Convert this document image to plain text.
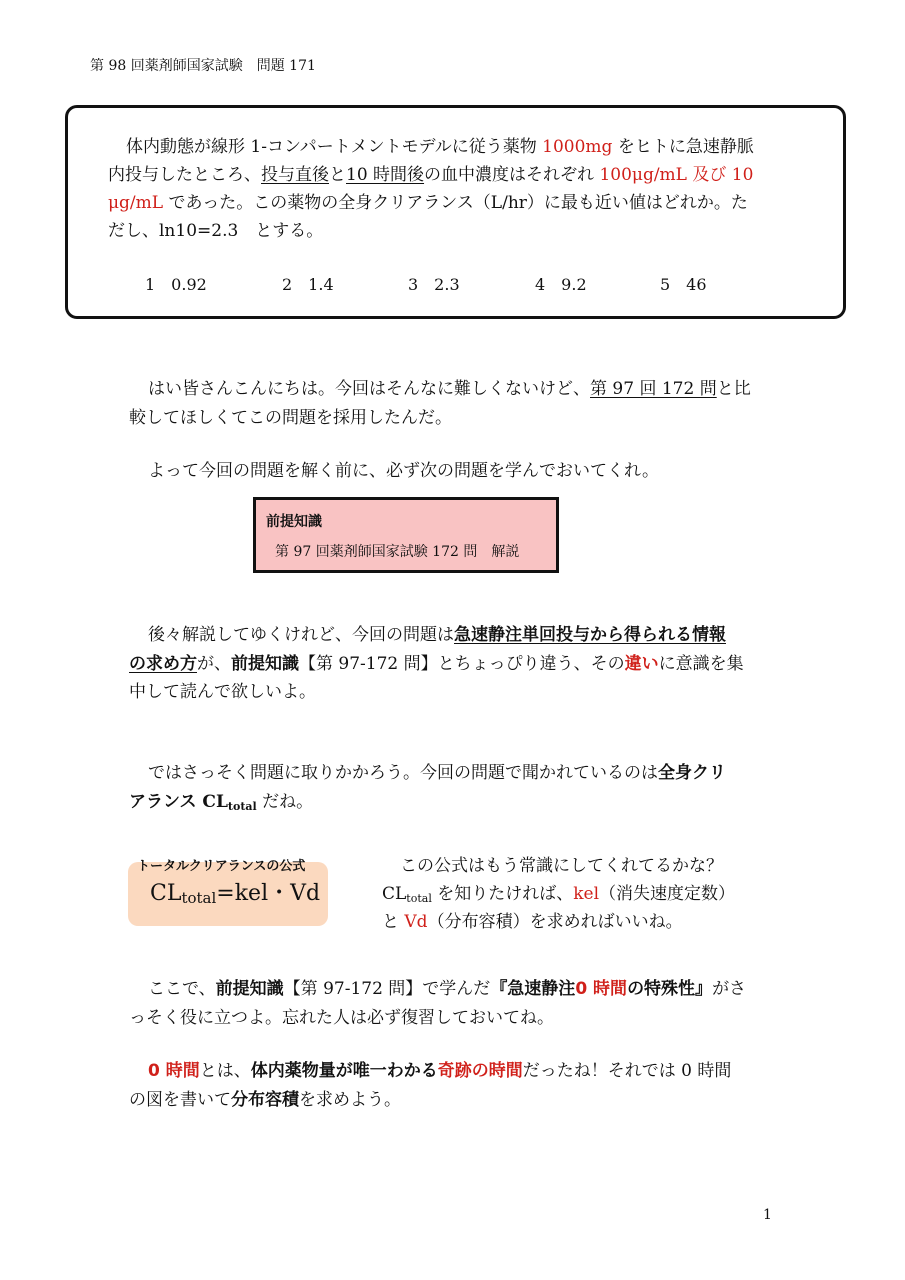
第 98 回薬剤師国家試験　問題 171
体内動態が線形 1-コンパートメントモデルに従う薬物 1000mg をヒトに急速静脈
内投与したところ、投与直後と10 時間後の血中濃度はそれぞれ 100μg/mL 及び 10
μg/mL であった。この薬物の全身クリアランス（L/hr）に最も近い値はどれか。た
だし、ln10=2.3　とする。
1　0.92	2　1.4	3　2.3	4　9.2	5　46
はい皆さんこんにちは。今回はそんなに難しくないけど、第 97 回 172 問と比
較してほしくてこの問題を採用したんだ。
よって今回の問題を解く前に、必ず次の問題を学んでおいてくれ。
前提知識
第 97 回薬剤師国家試験 172 問　解説
後々解説してゆくけれど、今回の問題は急速静注単回投与から得られる情報
の求め方が、前提知識【第 97-172 問】とちょっぴり違う、その違いに意識を集
中して読んで欲しいよ。
ではさっそく問題に取りかかろう。今回の問題で聞かれているのは全身クリ
アランス $CL_{total}$ だね。
トータルクリアランスの公式
$CL_{total}=kel$・Vd
この公式はもう常識にしてくれてるかな？
$CL_{total}$ を知りたければ、kel（消失速度定数）
と Vd（分布容積）を求めればいいね。
ここで、前提知識【第 97-172 問】で学んだ『急速静注0 時間の特殊性』がさ
っそく役に立つよ。忘れた人は必ず復習しておいてね。
0 時間とは、体内薬物量が唯一わかる奇跡の時間だったね！それでは 0 時間
の図を書いて分布容積を求めよう。
1
